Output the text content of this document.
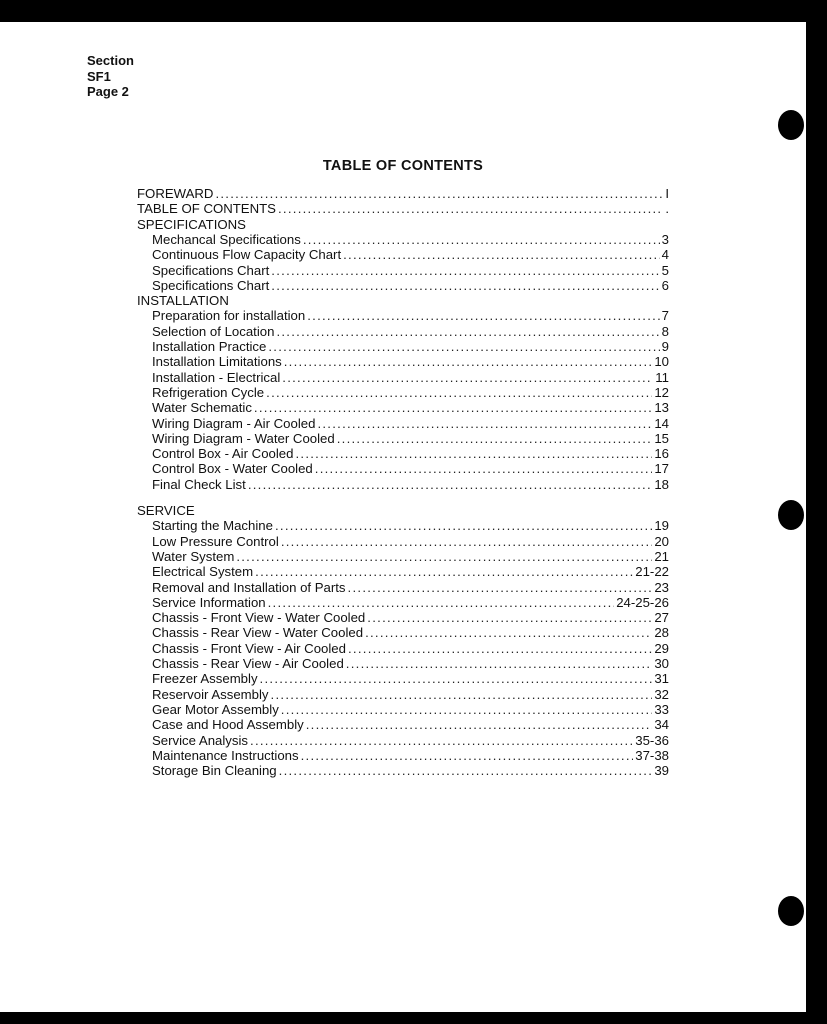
Section
SF1
Page 2
TABLE OF CONTENTS
FOREWARD . . .	I
TABLE OF CONTENTS . . .	.
SPECIFICATIONS
Mechancal Specifications . . .	3
Continuous Flow Capacity Chart . . .	4
Specifications Chart . . .	5
Specifications Chart . . .	6
INSTALLATION
Preparation for installation . . .	7
Selection of Location . . .	8
Installation Practice . . .	9
Installation Limitations . . .	10
Installation - Electrical . . .	11
Refrigeration Cycle . . .	12
Water Schematic . . .	13
Wiring Diagram - Air Cooled . . .	14
Wiring Diagram - Water Cooled . . .	15
Control Box - Air Cooled . . .	16
Control Box - Water Cooled . . .	17
Final Check List . . .	18
SERVICE
Starting the Machine . . .	19
Low Pressure Control . . .	20
Water System . . .	21
Electrical System . . .	21-22
Removal and Installation of Parts . . .	23
Service Information . . .	24-25-26
Chassis - Front View - Water Cooled . . .	27
Chassis - Rear View - Water Cooled . . .	28
Chassis - Front View - Air Cooled . . .	29
Chassis - Rear View - Air Cooled . . .	30
Freezer Assembly . . .	31
Reservoir Assembly . . .	32
Gear Motor Assembly . . .	33
Case and Hood Assembly . . .	34
Service Analysis . . .	35-36
Maintenance Instructions . . .	37-38
Storage Bin Cleaning . . .	39
